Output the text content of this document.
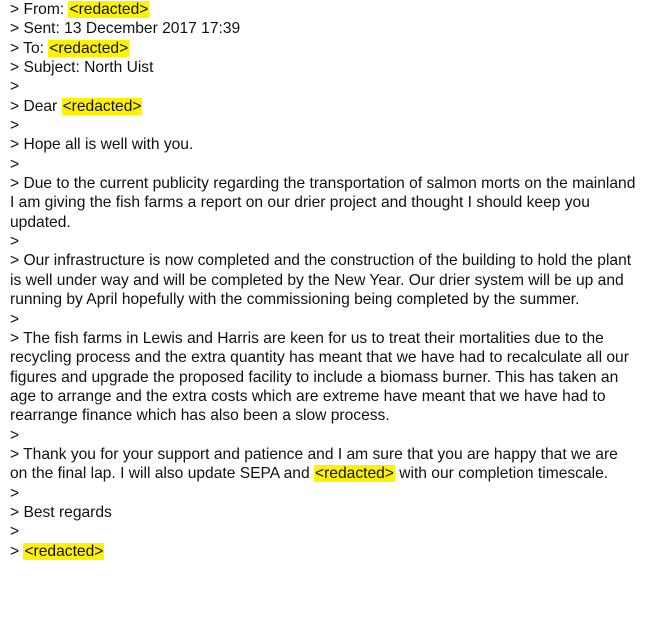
> From: <redacted>
> Sent: 13 December 2017 17:39
> To: <redacted>
> Subject: North Uist
>
> Dear <redacted>
>
> Hope all is well with you.
>
> Due to the current publicity regarding the transportation of salmon morts on the mainland I am giving the fish farms a report on our drier project and thought I should keep you updated.
>
> Our infrastructure is now completed and the construction of the building to hold the plant is well under way and will be completed by the New Year. Our drier system will be up and running by April hopefully with the commissioning being completed by the summer.
>
> The fish farms in Lewis and Harris are keen for us to treat their mortalities due to the recycling process and the extra quantity has meant that we have had to recalculate all our figures and upgrade the proposed facility to include a biomass burner. This has taken an age to arrange and the extra costs which are extreme have meant that we have had to rearrange finance which has also been a slow process.
>
> Thank you for your support and patience and I am sure that you are happy that we are on the final lap. I will also update SEPA and <redacted> with our completion timescale.
>
> Best regards
>
> <redacted>
